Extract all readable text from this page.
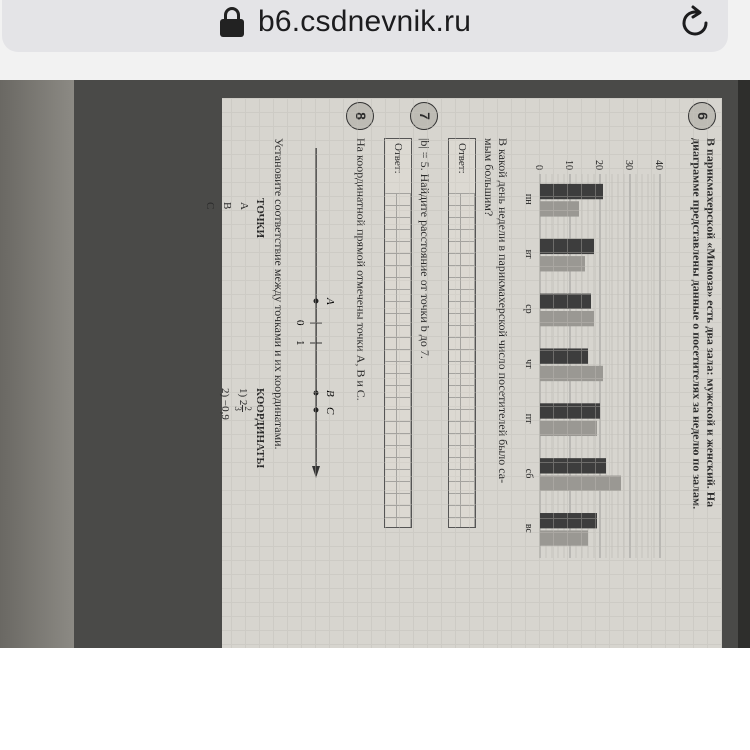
b6.csdnevnik.ru
6
В парикмахерской «Мимоза» есть два зала: мужской и женский. На
диаграмме представлены данные о посетителях за неделю по залам.
0 10 20 30 40
пн
вт
ср
чт
пт
сб
вс
В какой день недели в парикмахерской число посетителей было са-
мым большим?
Ответ:
7
|b| = 5. Найдите расстояние от точки b до 7.
Ответ:
8
На координатной прямой отмечены точки A, B и C.
A
B
C
0
1
Установите соответствие между точками и их координатами.
ТОЧКИ
КООРДИНАТЫ
A
B
C
1) 2
2
3
2) −0,9
